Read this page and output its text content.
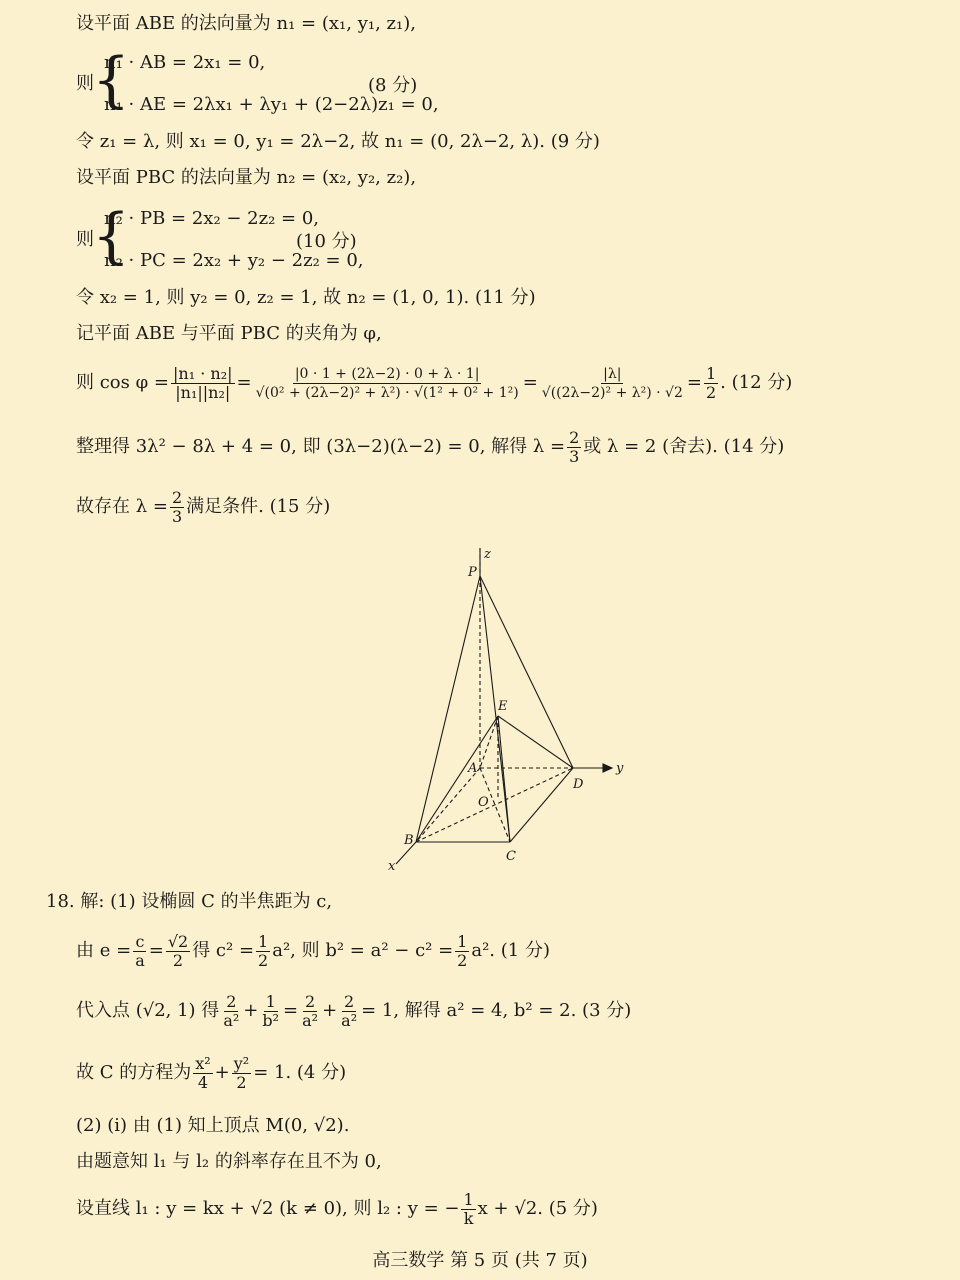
设平面 ABE 的法向量为 n₁ = (x₁, y₁, z₁),
则
{
n₁ · AB = 2x₁ = 0,
n₁ · AE = 2λx₁ + λy₁ + (2−2λ)z₁ = 0,
(8 分)
令 z₁ = λ, 则 x₁ = 0, y₁ = 2λ−2, 故 n₁ = (0, 2λ−2, λ). (9 分)
设平面 PBC 的法向量为 n₂ = (x₂, y₂, z₂),
则
{
n₂ · PB = 2x₂ − 2z₂ = 0,
n₂ · PC = 2x₂ + y₂ − 2z₂ = 0,
(10 分)
令 x₂ = 1, 则 y₂ = 0, z₂ = 1, 故 n₂ = (1, 0, 1). (11 分)
记平面 ABE 与平面 PBC 的夹角为 φ,
则 $\cos \varphi = \frac{\text{|n₁ · n₂|}}{\text{|n₁||n₂|}} = \frac{|0 \cdot 1 + (2\lambda-2) \cdot 0 + \lambda \cdot 1|}{\text{√(0² + (2λ−2)² + λ²) · √(1² + 0² + 1²)}} = \frac{|\lambda|}{\text{√((2λ−2)² + λ²) · √2}} = \frac{1}{2}$ . (12 分)
整理得 3λ² − 8λ + 4 = 0, 即 (3λ−2)(λ−2) = 0, 解得 $\lambda = \frac{2}{3}$ 或 λ = 2 (舍去). (14 分)
故存在 $\lambda = \frac{2}{3}$ 满足条件. (15 分)
z
P
E
A
O
D
y
B
C
x
18. 解: (1) 设椭圆 C 的半焦距为 c,
由 $e = \frac{c}{a} = \frac{√2}{2}$ 得 $c^2 = \frac{1}{2} a^2$, 则 $b^2 = a^2 - c^2 = \frac{1}{2} a^2$. (1 分)
代入点 (√2, 1) 得 $\frac{2}{\text{a²}} + \frac{1}{\text{b²}} = \frac{2}{\text{a²}} + \frac{2}{\text{a²}} = 1$, 解得 a² = 4, b² = 2. (3 分)
故 C 的方程为 $\frac{\text{x²}}{4} + \frac{\text{y²}}{2} = 1$. (4 分)
(2) (i) 由 (1) 知上顶点 M(0, √2).
由题意知 l₁ 与 l₂ 的斜率存在且不为 0,
设直线 l₁ : y = kx + √2 (k ≠ 0), 则 l₂ : y = − $\frac{1}{k}$ x + √2. (5 分)
高三数学 第 5 页 (共 7 页)
